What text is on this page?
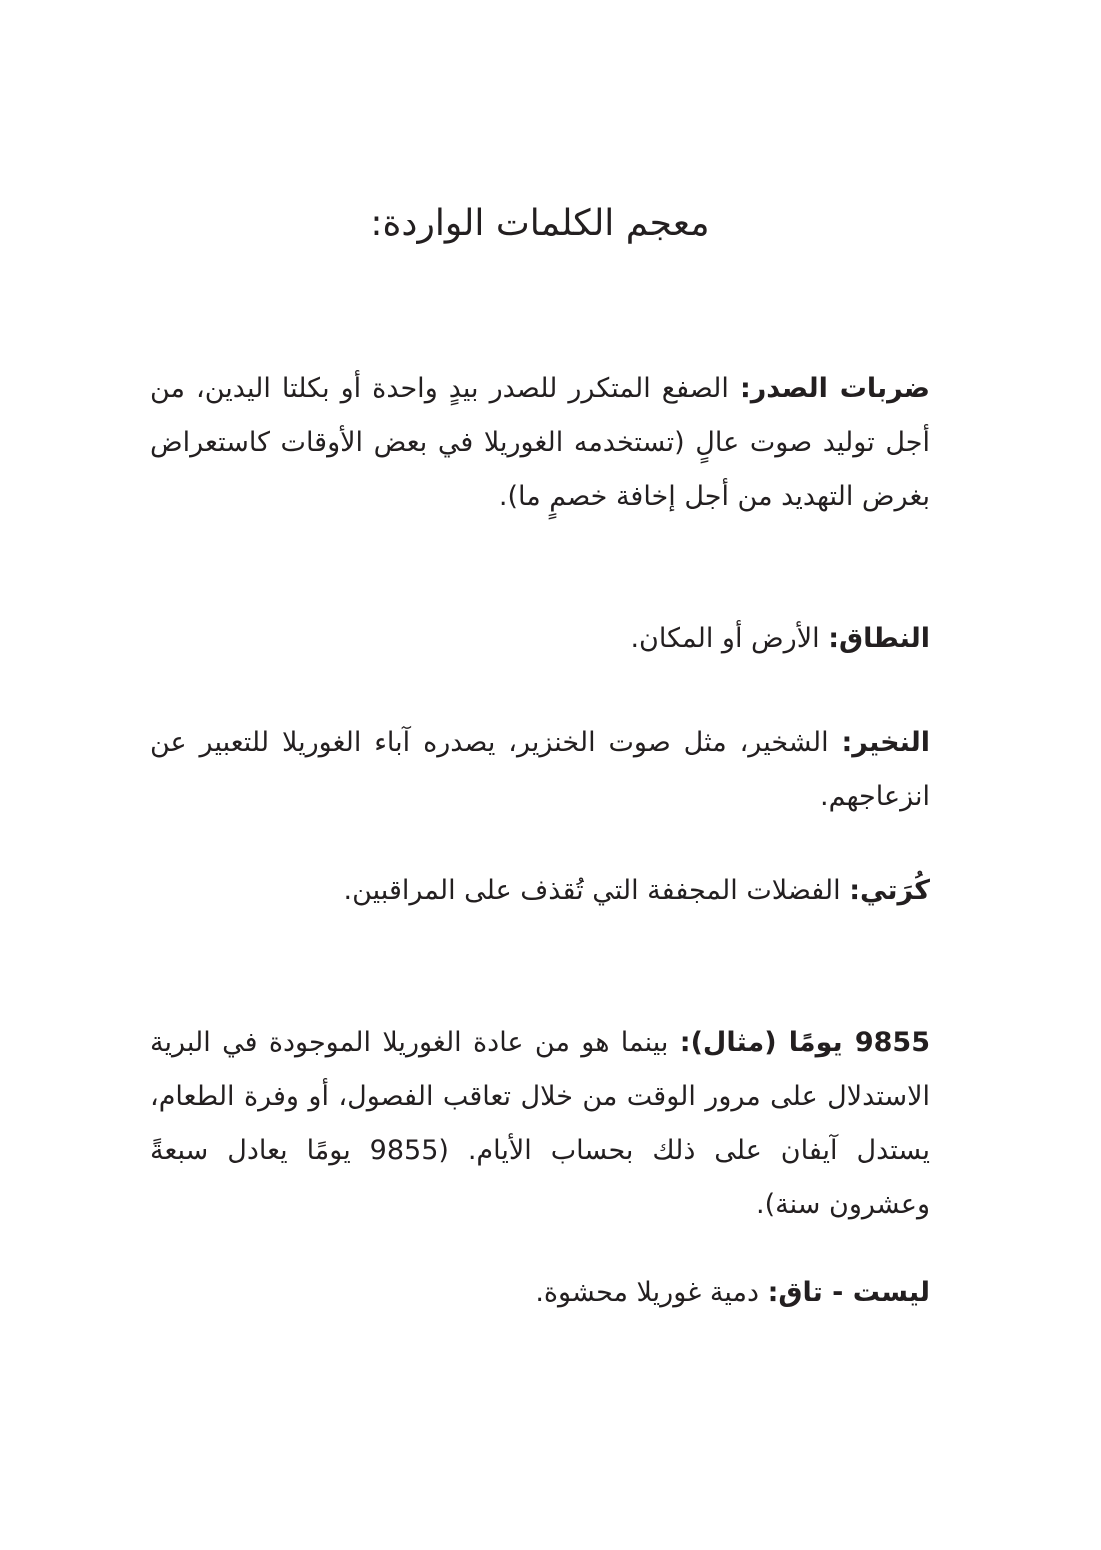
معجم الكلمات الواردة:

ضربات الصدر: الصفع المتكرر للصدر بيدٍ واحدة أو بكلتا اليدين، من أجل توليد صوت عالٍ (تستخدمه الغوريلا في بعض الأوقات كاستعراض بغرض التهديد من أجل إخافة خصمٍ ما).

النطاق: الأرض أو المكان.

النخير: الشخير، مثل صوت الخنزير، يصدره آباء الغوريلا للتعبير عن انزعاجهم.

كُرَتي: الفضلات المجففة التي تُقذف على المراقبين.

9855 يومًا (مثال): بينما هو من عادة الغوريلا الموجودة في البرية الاستدلال على مرور الوقت من خلال تعاقب الفصول، أو وفرة الطعام، يستدل آيفان على ذلك بحساب الأيام. (9855 يومًا يعادل سبعةً وعشرون سنة).

ليست - تاق: دمية غوريلا محشوة.
